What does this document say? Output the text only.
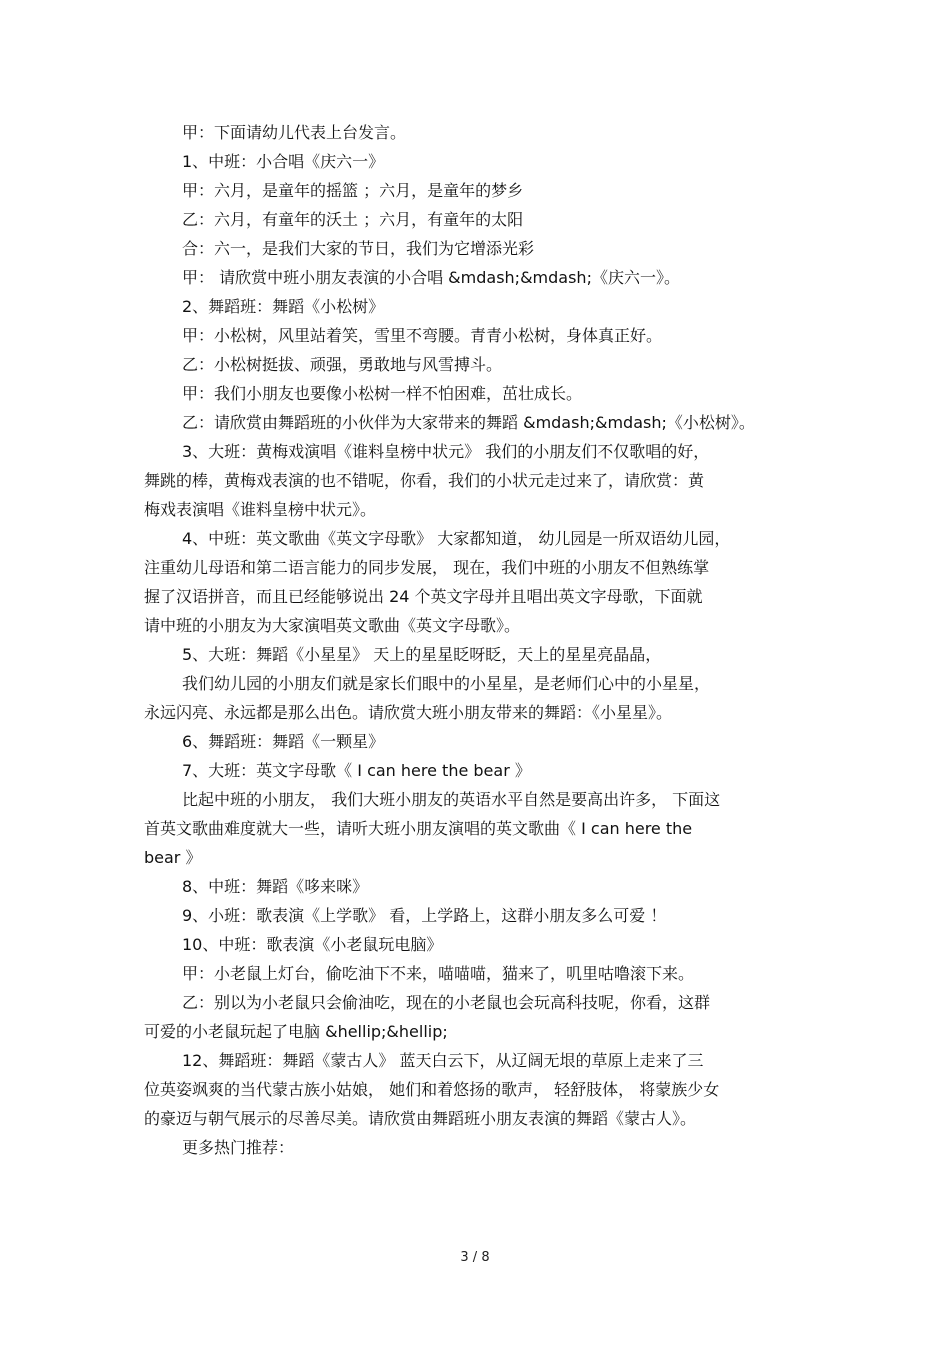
甲：下面请幼儿代表上台发言。
1、中班：小合唱《庆六一》
甲：六月，是童年的摇篮 ；六月，是童年的梦乡
乙：六月，有童年的沃土 ；六月，有童年的太阳
合：六一，是我们大家的节日，我们为它增添光彩
甲： 请欣赏中班小朋友表演的小合唱 &mdash;&mdash;《庆六一》。
2、舞蹈班：舞蹈《小松树》
甲：小松树，风里站着笑，雪里不弯腰。青青小松树，身体真正好。
乙：小松树挺拔、顽强，勇敢地与风雪搏斗。
甲：我们小朋友也要像小松树一样不怕困难，茁壮成长。
乙：请欣赏由舞蹈班的小伙伴为大家带来的舞蹈 &mdash;&mdash;《小松树》。
3、大班：黄梅戏演唱《谁料皇榜中状元》 我们的小朋友们不仅歌唱的好，
舞跳的棒，黄梅戏表演的也不错呢，你看，我们的小状元走过来了，请欣赏：黄
梅戏表演唱《谁料皇榜中状元》。
4、中班：英文歌曲《英文字母歌》 大家都知道， 幼儿园是一所双语幼儿园，
注重幼儿母语和第二语言能力的同步发展， 现在，我们中班的小朋友不但熟练掌
握了汉语拼音，而且已经能够说出 24 个英文字母并且唱出英文字母歌，下面就
请中班的小朋友为大家演唱英文歌曲《英文字母歌》。
5、大班：舞蹈《小星星》 天上的星星眨呀眨，天上的星星亮晶晶，
我们幼儿园的小朋友们就是家长们眼中的小星星，是老师们心中的小星星，
永远闪亮、永远都是那么出色。请欣赏大班小朋友带来的舞蹈：《小星星》。
6、舞蹈班：舞蹈《一颗星》
7、大班：英文字母歌《 I can here the bear 》
比起中班的小朋友， 我们大班小朋友的英语水平自然是要高出许多， 下面这
首英文歌曲难度就大一些，请听大班小朋友演唱的英文歌曲《 I can here the
bear 》
8、中班：舞蹈《哆来咪》
9、小班：歌表演《上学歌》 看，上学路上，这群小朋友多么可爱 ！
10、中班：歌表演《小老鼠玩电脑》
甲：小老鼠上灯台，偷吃油下不来，喵喵喵，猫来了，叽里咕噜滚下来。
乙：别以为小老鼠只会偷油吃，现在的小老鼠也会玩高科技呢，你看，这群
可爱的小老鼠玩起了电脑 &hellip;&hellip;
12、舞蹈班：舞蹈《蒙古人》 蓝天白云下，从辽阔无垠的草原上走来了三
位英姿飒爽的当代蒙古族小姑娘， 她们和着悠扬的歌声， 轻舒肢体， 将蒙族少女
的豪迈与朝气展示的尽善尽美。请欣赏由舞蹈班小朋友表演的舞蹈《蒙古人》。
更多热门推荐：
3 / 8
